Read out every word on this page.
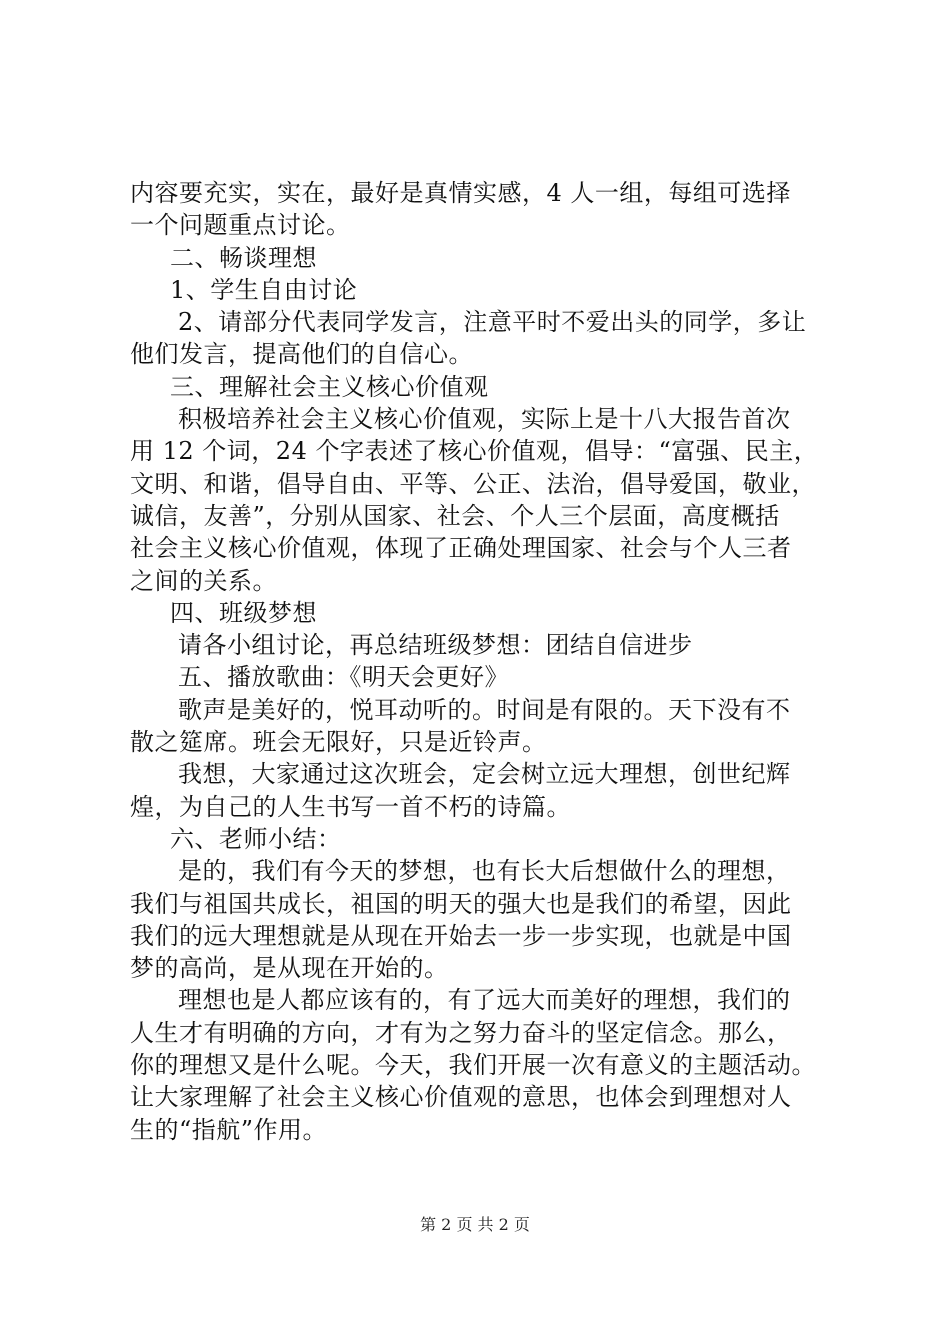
内容要充实，实在，最好是真情实感，4 人一组，每组可选择
一个问题重点讨论。
二、畅谈理想
1、学生自由讨论
2、请部分代表同学发言，注意平时不爱出头的同学，多让
他们发言，提高他们的自信心。
三、理解社会主义核心价值观
积极培养社会主义核心价值观，实际上是十八大报告首次
用 12 个词，24 个字表述了核心价值观，倡导：“富强、民主，
文明、和谐，倡导自由、平等、公正、法治，倡导爱国，敬业，
诚信，友善”，分别从国家、社会、个人三个层面，高度概括
社会主义核心价值观，体现了正确处理国家、社会与个人三者
之间的关系。
四、班级梦想
请各小组讨论，再总结班级梦想：团结自信进步
五、播放歌曲：《明天会更好》
歌声是美好的，悦耳动听的。时间是有限的。天下没有不
散之筵席。班会无限好，只是近铃声。
我想，大家通过这次班会，定会树立远大理想，创世纪辉
煌，为自己的人生书写一首不朽的诗篇。
六、老师小结：
是的，我们有今天的梦想，也有长大后想做什么的理想，
我们与祖国共成长，祖国的明天的强大也是我们的希望，因此
我们的远大理想就是从现在开始去一步一步实现，也就是中国
梦的高尚，是从现在开始的。
理想也是人都应该有的，有了远大而美好的理想，我们的
人生才有明确的方向，才有为之努力奋斗的坚定信念。那么，
你的理想又是什么呢。今天，我们开展一次有意义的主题活动。
让大家理解了社会主义核心价值观的意思，也体会到理想对人
生的“指航”作用。
第 2 页 共 2 页
